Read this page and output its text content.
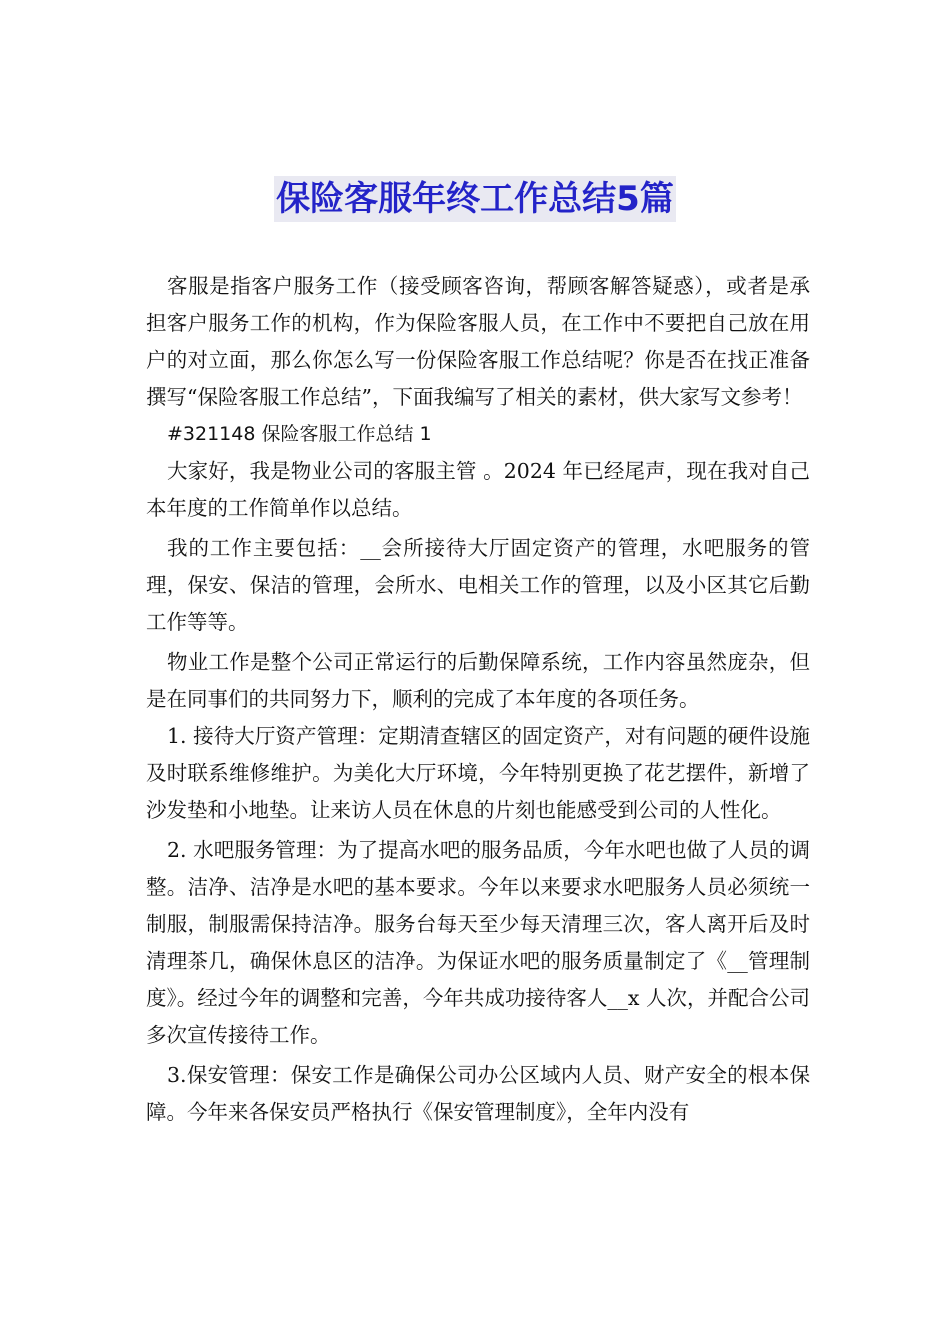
保险客服年终工作总结5篇

客服是指客户服务工作（接受顾客咨询，帮顾客解答疑惑），或者是承担客户服务工作的机构，作为保险客服人员，在工作中不要把自己放在用户的对立面，那么你怎么写一份保险客服工作总结呢？你是否在找正准备撰写“保险客服工作总结”，下面我编写了相关的素材，供大家写文参考！

#321148 保险客服工作总结 1

大家好，我是物业公司的客服主管 。2024 年已经尾声，现在我对自己本年度的工作简单作以总结。

我的工作主要包括：__会所接待大厅固定资产的管理，水吧服务的管理，保安、保洁的管理，会所水、电相关工作的管理，以及小区其它后勤工作等等。

物业工作是整个公司正常运行的后勤保障系统，工作内容虽然庞杂，但是在同事们的共同努力下，顺利的完成了本年度的各项任务。

1. 接待大厅资产管理：定期清查辖区的固定资产，对有问题的硬件设施及时联系维修维护。为美化大厅环境，今年特别更换了花艺摆件，新增了沙发垫和小地垫。让来访人员在休息的片刻也能感受到公司的人性化。

2. 水吧服务管理：为了提高水吧的服务品质，今年水吧也做了人员的调整。洁净、洁净是水吧的基本要求。今年以来要求水吧服务人员必须统一制服，制服需保持洁净。服务台每天至少每天清理三次，客人离开后及时清理茶几，确保休息区的洁净。为保证水吧的服务质量制定了《__管理制度》。经过今年的调整和完善，今年共成功接待客人__x 人次，并配合公司多次宣传接待工作。

3.保安管理：保安工作是确保公司办公区域内人员、财产安全的根本保障。今年来各保安员严格执行《保安管理制度》，全年内没有
